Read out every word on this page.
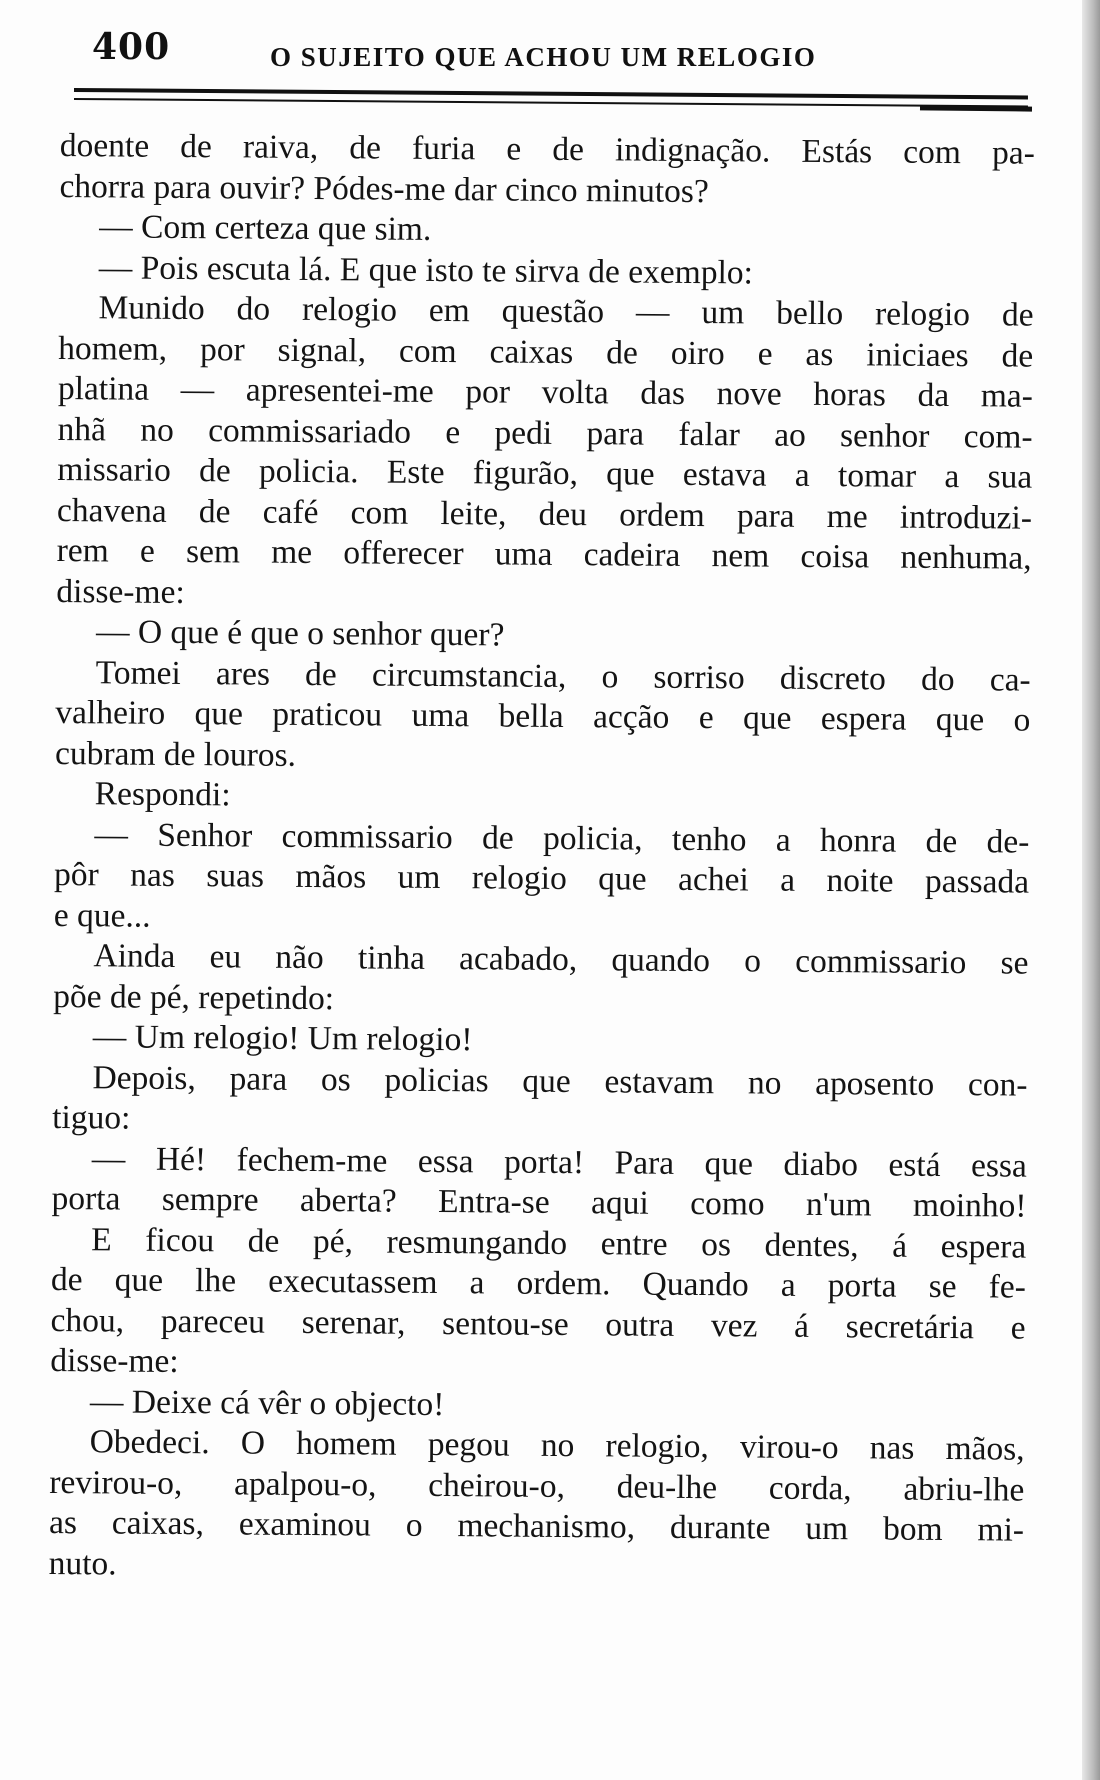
400	O SUJEITO QUE ACHOU UM RELOGIO
doente de raiva, de furia e de indignação. Estás com pa-
chorra para ouvir? Pódes-me dar cinco minutos?
— Com certeza que sim.
— Pois escuta lá. E que isto te sirva de exemplo:
Munido do relogio em questão — um bello relogio de
homem, por signal, com caixas de oiro e as iniciaes de
platina — apresentei-me por volta das nove horas da ma-
nhã no commissariado e pedi para falar ao senhor com-
missario de policia. Este figurão, que estava a tomar a sua
chavena de café com leite, deu ordem para me introduzi-
rem e sem me offerecer uma cadeira nem coisa nenhuma,
disse-me:
— O que é que o senhor quer?
Tomei ares de circumstancia, o sorriso discreto do ca-
valheiro que praticou uma bella acção e que espera que o
cubram de louros.
Respondi:
— Senhor commissario de policia, tenho a honra de de-
pôr nas suas mãos um relogio que achei a noite passada
e que...
Ainda eu não tinha acabado, quando o commissario se
põe de pé, repetindo:
— Um relogio! Um relogio!
Depois, para os policias que estavam no aposento con-
tiguo:
— Hé! fechem-me essa porta! Para que diabo está essa
porta sempre aberta? Entra-se aqui como n'um moinho!
E ficou de pé, resmungando entre os dentes, á espera
de que lhe executassem a ordem. Quando a porta se fe-
chou, pareceu serenar, sentou-se outra vez á secretária e
disse-me:
— Deixe cá vêr o objecto!
Obedeci. O homem pegou no relogio, virou-o nas mãos,
revirou-o, apalpou-o, cheirou-o, deu-lhe corda, abriu-lhe
as caixas, examinou o mechanismo, durante um bom mi-
nuto.
